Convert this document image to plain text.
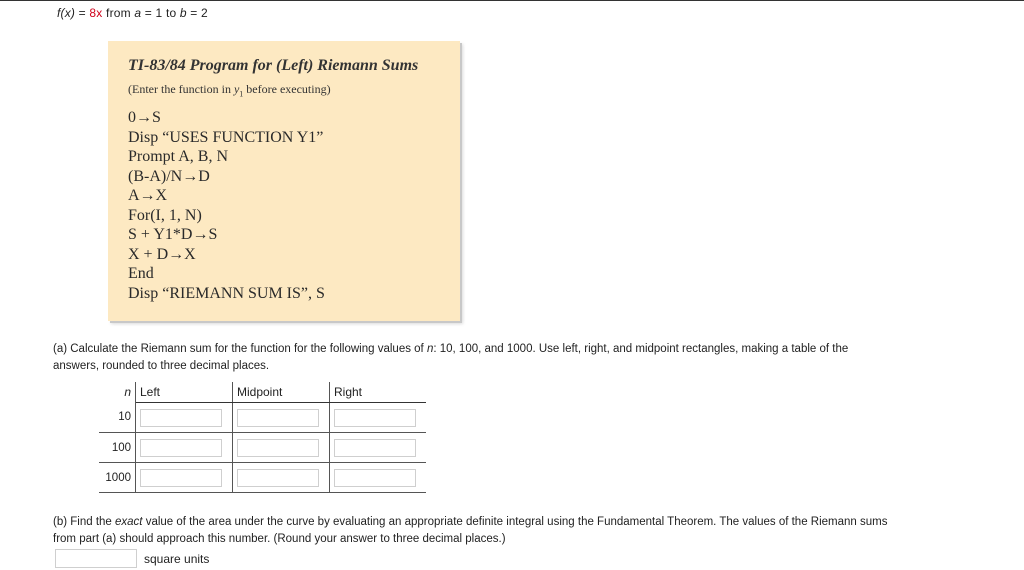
f(x) = 8x from a = 1 to b = 2
TI-83/84 Program for (Left) Riemann Sums
(Enter the function in $y_1$ before executing)
0→S
Disp “USES FUNCTION Y1”
Prompt A, B, N
(B-A)/N→D
A→X
For(I, 1, N)
S + Y1*D→S
X + D→X
End
Disp “RIEMANN SUM IS”, S
(a) Calculate the Riemann sum for the function for the following values of n: 10, 100, and 1000. Use left, right, and midpoint rectangles, making a table of the
answers, rounded to three decimal places.
n	Left	Midpoint	Right
10			
100			
1000			
(b) Find the exact value of the area under the curve by evaluating an appropriate definite integral using the Fundamental Theorem. The values of the Riemann sums
from part (a) should approach this number. (Round your answer to three decimal places.)
square units
